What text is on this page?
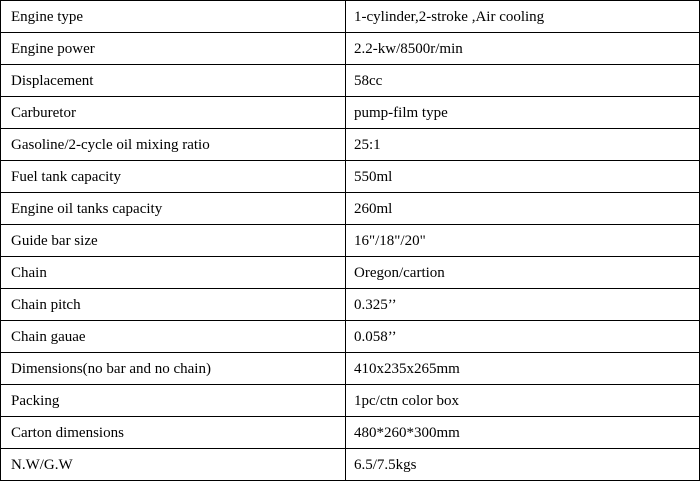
Engine type	1-cylinder,2-stroke ,Air cooling
Engine power	2.2-kw/8500r/min
Displacement	58cc
Carburetor	pump-film type
Gasoline/2-cycle oil mixing ratio	25:1
Fuel tank capacity	550ml
Engine oil tanks capacity	260ml
Guide bar size	16"/18"/20"
Chain	Oregon/cartion
Chain pitch	0.325’’
Chain gauae	0.058’’
Dimensions(no bar and no chain)	410x235x265mm
Packing	1pc/ctn color box
Carton dimensions	480*260*300mm
N.W/G.W	6.5/7.5kgs
